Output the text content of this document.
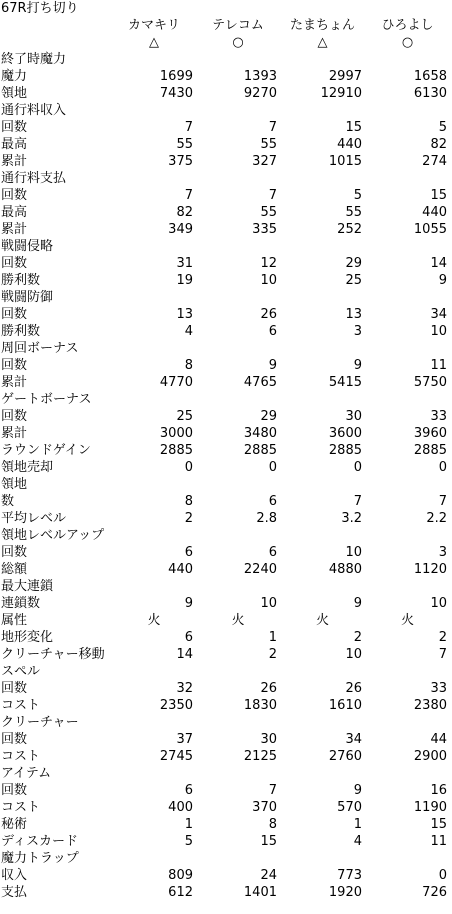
67R打ち切り
	カマキリ	テレコム	たまちょん	ひろよし
	△	○	△	○
終了時魔力				
魔力	1699	1393	2997	1658
領地	7430	9270	12910	6130
通行料収入				
回数	7	7	15	5
最高	55	55	440	82
累計	375	327	1015	274
通行料支払				
回数	7	7	5	15
最高	82	55	55	440
累計	349	335	252	1055
戦闘侵略				
回数	31	12	29	14
勝利数	19	10	25	9
戦闘防御				
回数	13	26	13	34
勝利数	4	6	3	10
周回ボーナス				
回数	8	9	9	11
累計	4770	4765	5415	5750
ゲートボーナス				
回数	25	29	30	33
累計	3000	3480	3600	3960
ラウンドゲイン	2885	2885	2885	2885
領地売却	0	0	0	0
領地				
数	8	6	7	7
平均レベル	2	2.8	3.2	2.2
領地レベルアップ				
回数	6	6	10	3
総額	440	2240	4880	1120
最大連鎖				
連鎖数	9	10	9	10
属性	火	火	火	火
地形変化	6	1	2	2
クリーチャー移動	14	2	10	7
スペル				
回数	32	26	26	33
コスト	2350	1830	1610	2380
クリーチャー				
回数	37	30	34	44
コスト	2745	2125	2760	2900
アイテム				
回数	6	7	9	16
コスト	400	370	570	1190
秘術	1	8	1	15
ディスカード	5	15	4	11
魔力トラップ				
収入	809	24	773	0
支払	612	1401	1920	726
